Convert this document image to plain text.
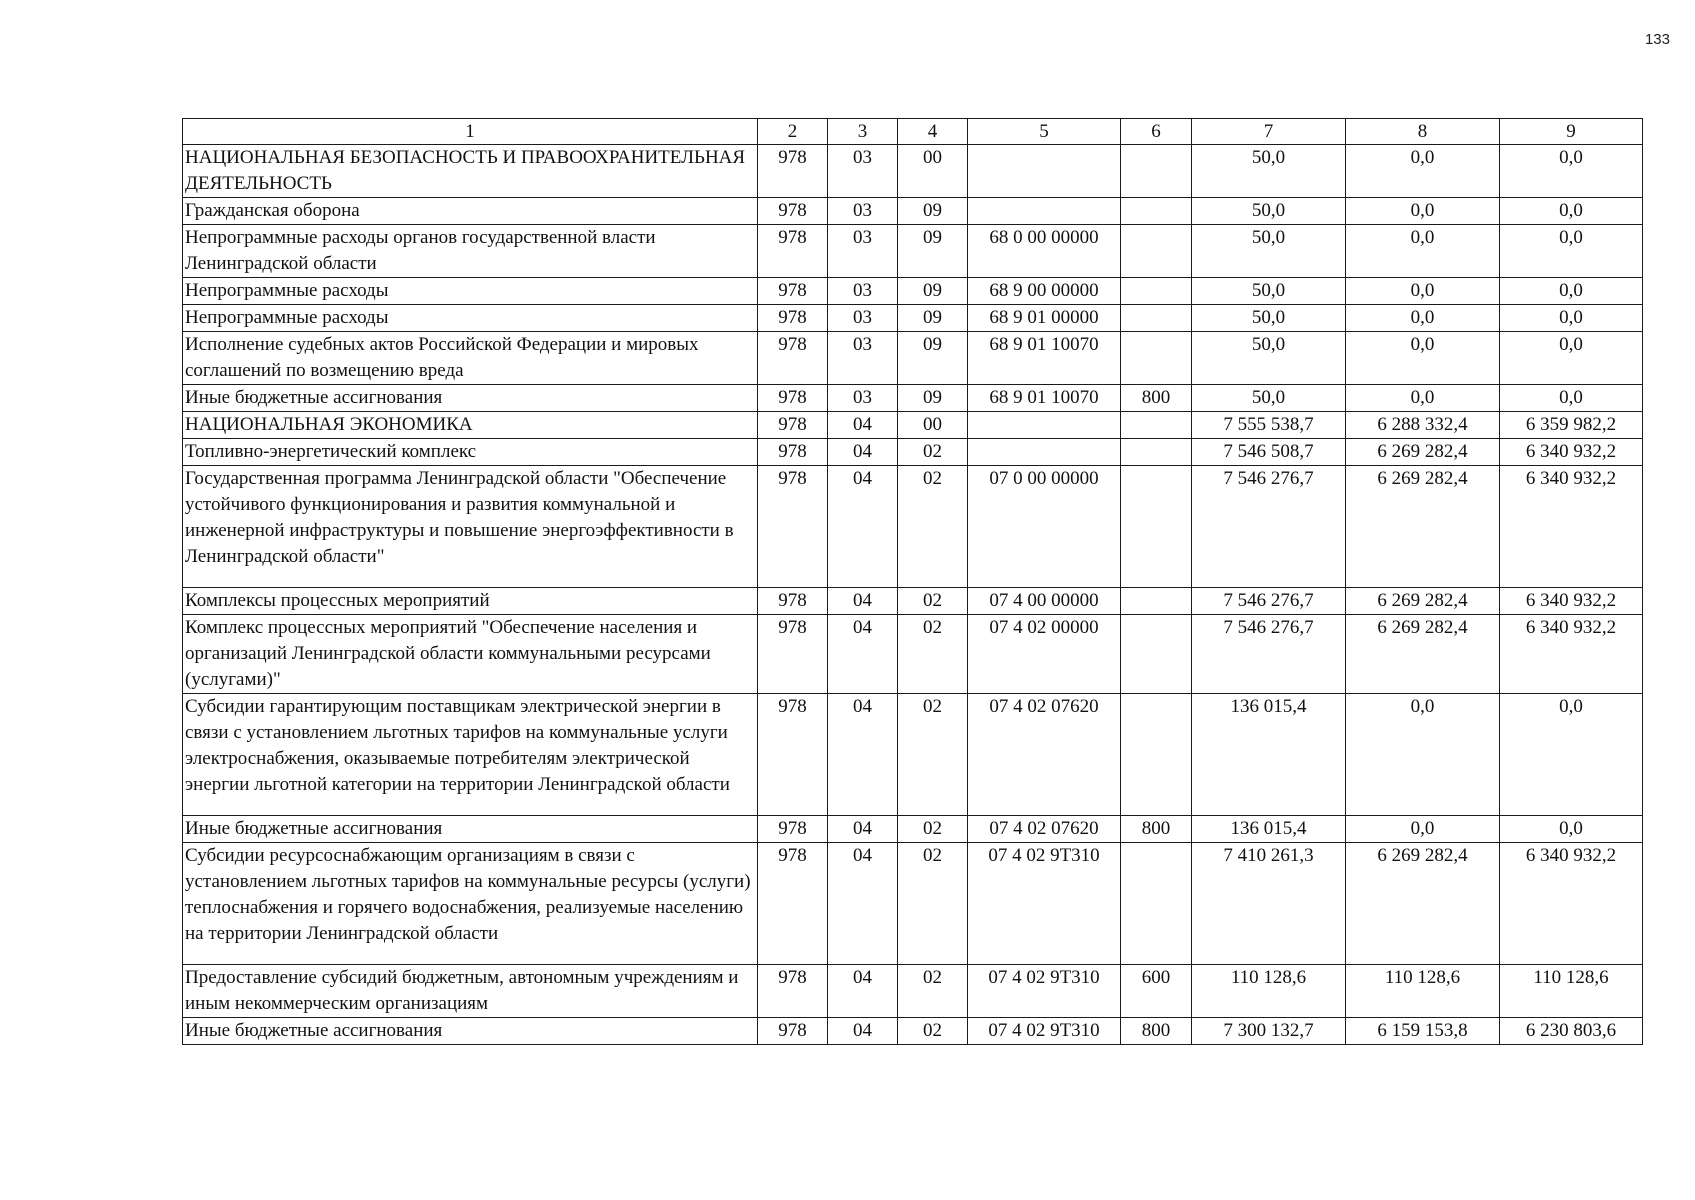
133
1	2	3	4	5	6	7	8	9
НАЦИОНАЛЬНАЯ БЕЗОПАСНОСТЬ И ПРАВООХРАНИТЕЛЬНАЯ ДЕЯТЕЛЬНОСТЬ	978	03	00			50,0	0,0	0,0
Гражданская оборона	978	03	09			50,0	0,0	0,0
Непрограммные расходы органов государственной власти Ленинградской области	978	03	09	68 0 00 00000		50,0	0,0	0,0
Непрограммные расходы	978	03	09	68 9 00 00000		50,0	0,0	0,0
Непрограммные расходы	978	03	09	68 9 01 00000		50,0	0,0	0,0
Исполнение судебных актов Российской Федерации и мировых соглашений по возмещению вреда	978	03	09	68 9 01 10070		50,0	0,0	0,0
Иные бюджетные ассигнования	978	03	09	68 9 01 10070	800	50,0	0,0	0,0
НАЦИОНАЛЬНАЯ ЭКОНОМИКА	978	04	00			7 555 538,7	6 288 332,4	6 359 982,2
Топливно-энергетический комплекс	978	04	02			7 546 508,7	6 269 282,4	6 340 932,2
Государственная программа Ленинградской области "Обеспечение устойчивого функционирования и развития коммунальной и инженерной инфраструктуры и повышение энергоэффективности в Ленинградской области"	978	04	02	07 0 00 00000		7 546 276,7	6 269 282,4	6 340 932,2
Комплексы процессных мероприятий	978	04	02	07 4 00 00000		7 546 276,7	6 269 282,4	6 340 932,2
Комплекс процессных мероприятий "Обеспечение населения и организаций Ленинградской области коммунальными ресурсами (услугами)"	978	04	02	07 4 02 00000		7 546 276,7	6 269 282,4	6 340 932,2
Субсидии гарантирующим поставщикам электрической энергии в связи с установлением льготных тарифов на коммунальные услуги электроснабжения, оказываемые потребителям электрической энергии льготной категории на территории Ленинградской области	978	04	02	07 4 02 07620		136 015,4	0,0	0,0
Иные бюджетные ассигнования	978	04	02	07 4 02 07620	800	136 015,4	0,0	0,0
Субсидии ресурсоснабжающим организациям в связи с установлением льготных тарифов на коммунальные ресурсы (услуги) теплоснабжения и горячего водоснабжения, реализуемые населению на территории Ленинградской области	978	04	02	07 4 02 9Т310		7 410 261,3	6 269 282,4	6 340 932,2
Предоставление субсидий бюджетным, автономным учреждениям и иным некоммерческим организациям	978	04	02	07 4 02 9Т310	600	110 128,6	110 128,6	110 128,6
Иные бюджетные ассигнования	978	04	02	07 4 02 9Т310	800	7 300 132,7	6 159 153,8	6 230 803,6
